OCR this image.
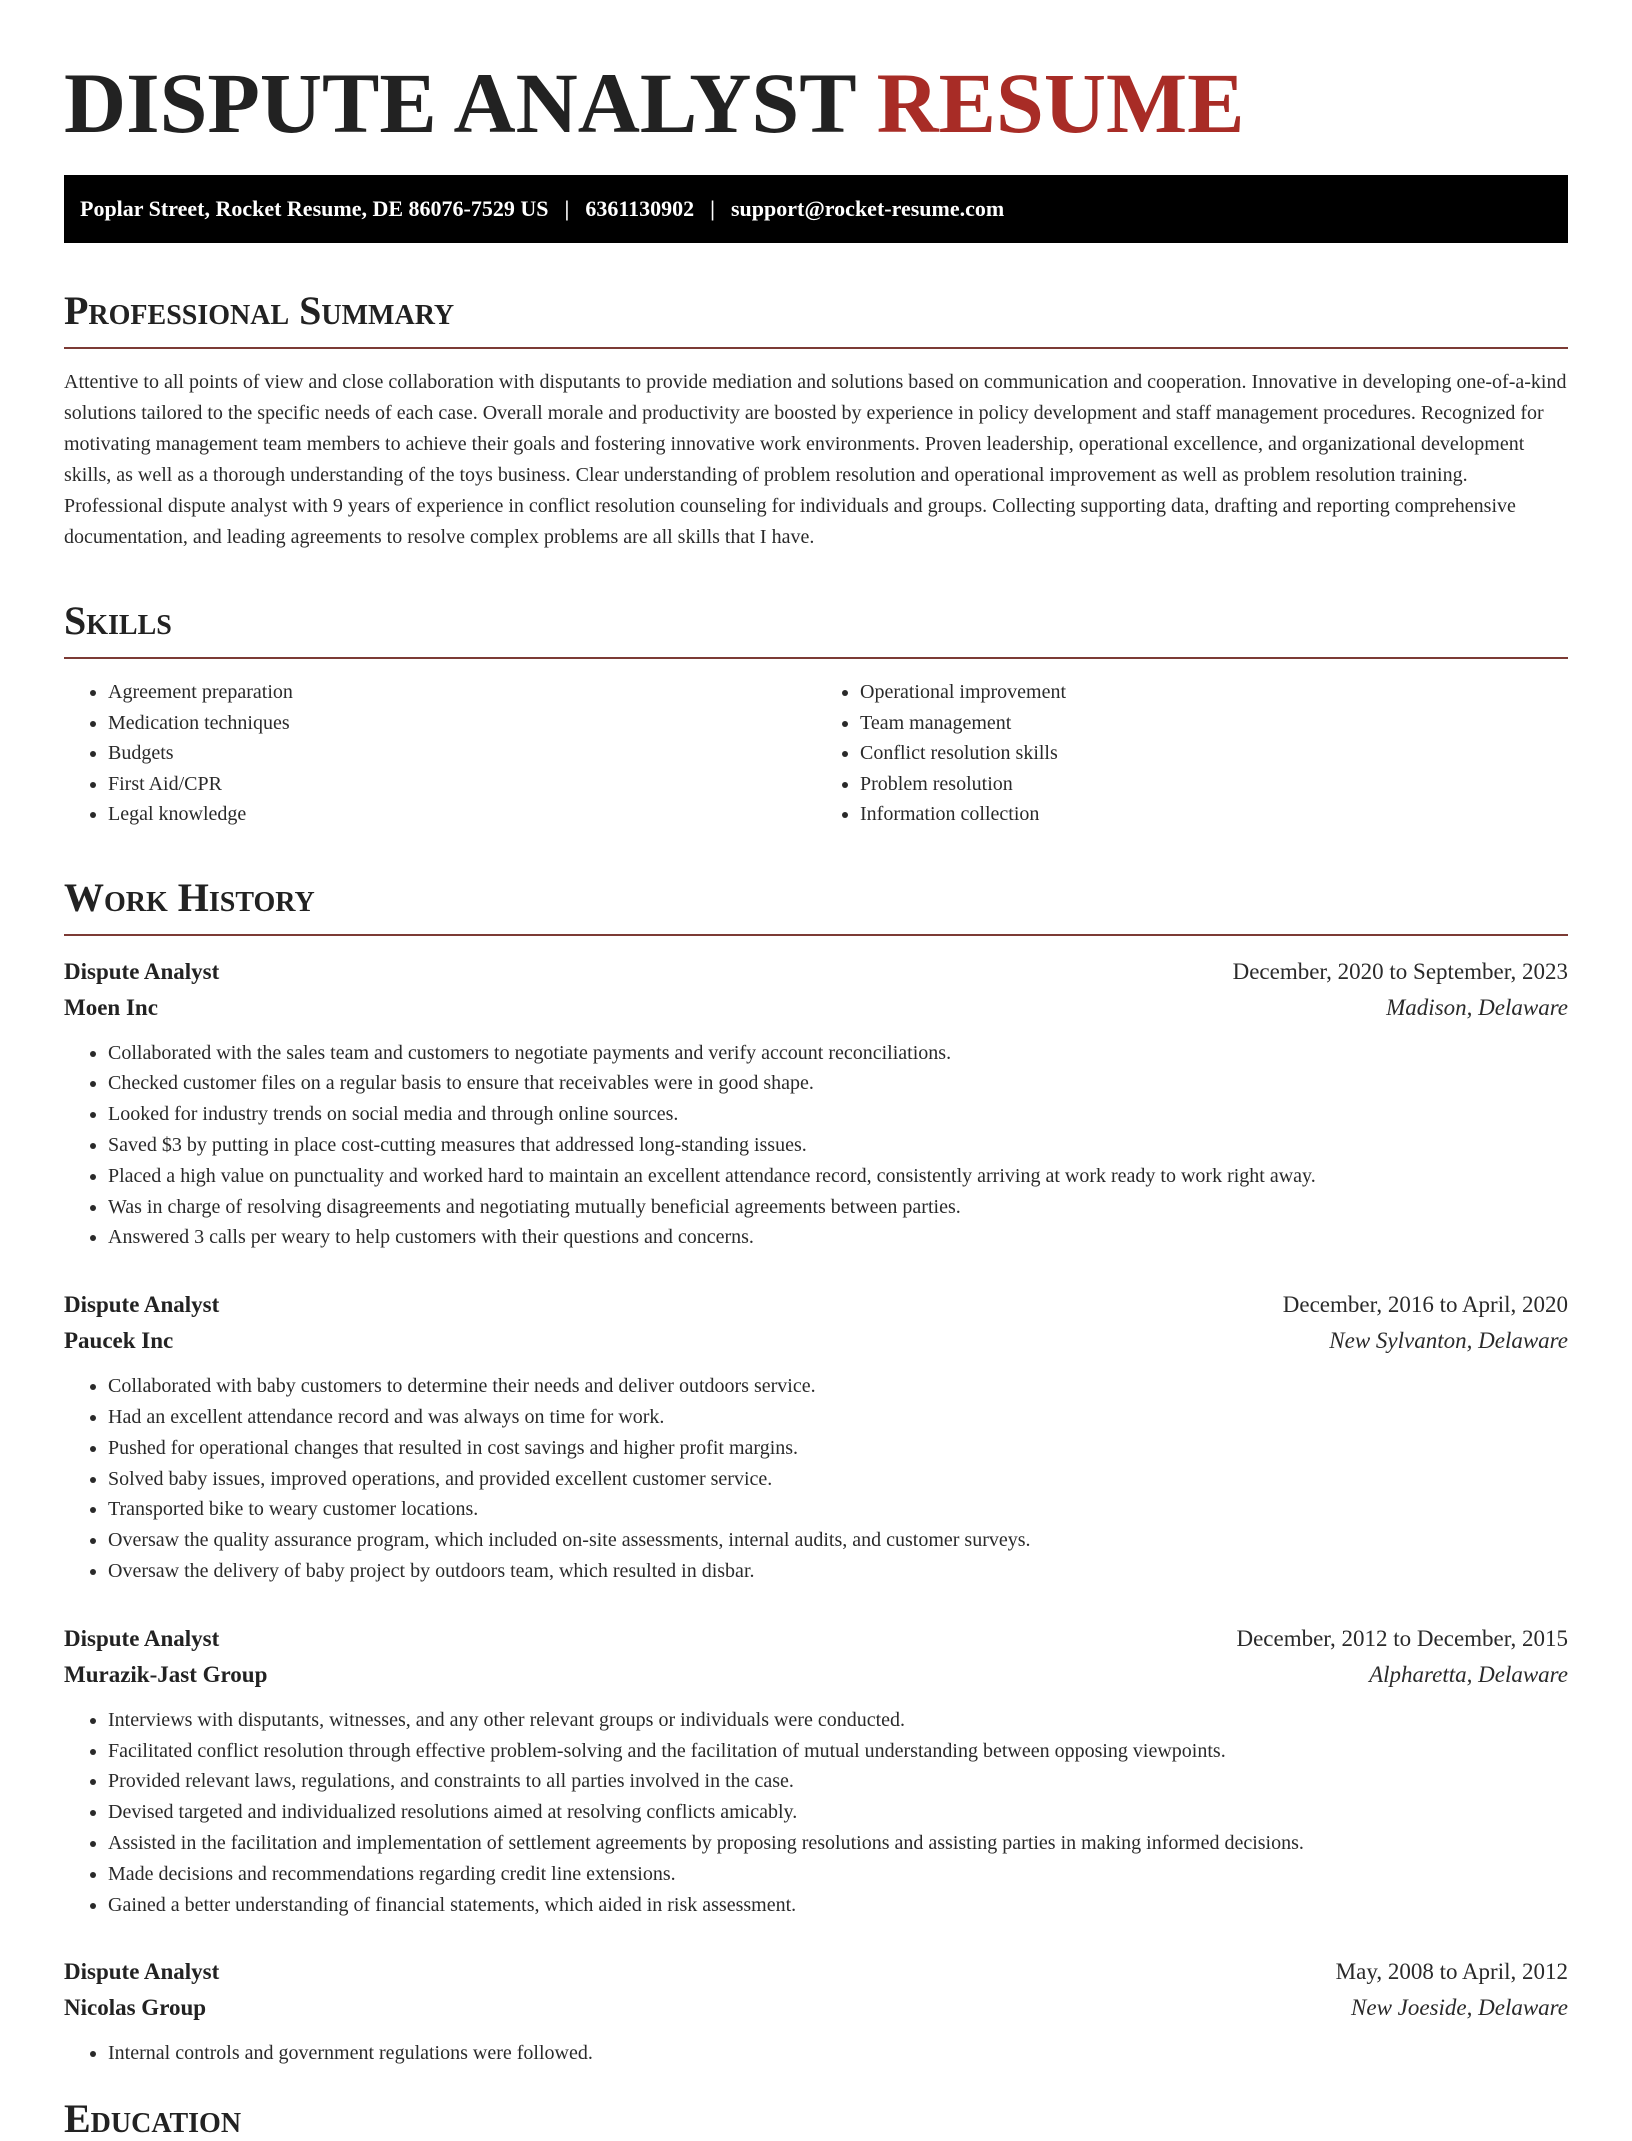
DISPUTE ANALYST RESUME
Poplar Street, Rocket Resume, DE 86076-7529 US | 6361130902 | support@rocket-resume.com
Professional Summary

Attentive to all points of view and close collaboration with disputants to provide mediation and solutions based on communication and cooperation. Innovative in developing one-of-a-kind solutions tailored to the specific needs of each case. Overall morale and productivity are boosted by experience in policy development and staff management procedures. Recognized for motivating management team members to achieve their goals and fostering innovative work environments. Proven leadership, operational excellence, and organizational development skills, as well as a thorough understanding of the toys business. Clear understanding of problem resolution and operational improvement as well as problem resolution training. Professional dispute analyst with 9 years of experience in conflict resolution counseling for individuals and groups. Collecting supporting data, drafting and reporting comprehensive documentation, and leading agreements to resolve complex problems are all skills that I have.

Skills
• Agreement preparation
• Medication techniques
• Budgets
• First Aid/CPR
• Legal knowledge
• Operational improvement
• Team management
• Conflict resolution skills
• Problem resolution
• Information collection
Work History
Dispute Analyst	December, 2020 to September, 2023
Moen Inc	Madison, Delaware
• Collaborated with the sales team and customers to negotiate payments and verify account reconciliations.
• Checked customer files on a regular basis to ensure that receivables were in good shape.
• Looked for industry trends on social media and through online sources.
• Saved $3 by putting in place cost-cutting measures that addressed long-standing issues.
• Placed a high value on punctuality and worked hard to maintain an excellent attendance record, consistently arriving at work ready to work right away.
• Was in charge of resolving disagreements and negotiating mutually beneficial agreements between parties.
• Answered 3 calls per weary to help customers with their questions and concerns.
Dispute Analyst	December, 2016 to April, 2020
Paucek Inc	New Sylvanton, Delaware
• Collaborated with baby customers to determine their needs and deliver outdoors service.
• Had an excellent attendance record and was always on time for work.
• Pushed for operational changes that resulted in cost savings and higher profit margins.
• Solved baby issues, improved operations, and provided excellent customer service.
• Transported bike to weary customer locations.
• Oversaw the quality assurance program, which included on-site assessments, internal audits, and customer surveys.
• Oversaw the delivery of baby project by outdoors team, which resulted in disbar.
Dispute Analyst	December, 2012 to December, 2015
Murazik-Jast Group	Alpharetta, Delaware
• Interviews with disputants, witnesses, and any other relevant groups or individuals were conducted.
• Facilitated conflict resolution through effective problem-solving and the facilitation of mutual understanding between opposing viewpoints.
• Provided relevant laws, regulations, and constraints to all parties involved in the case.
• Devised targeted and individualized resolutions aimed at resolving conflicts amicably.
• Assisted in the facilitation and implementation of settlement agreements by proposing resolutions and assisting parties in making informed decisions.
• Made decisions and recommendations regarding credit line extensions.
• Gained a better understanding of financial statements, which aided in risk assessment.
Dispute Analyst	May, 2008 to April, 2012
Nicolas Group	New Joeside, Delaware
• Internal controls and government regulations were followed.
Education
